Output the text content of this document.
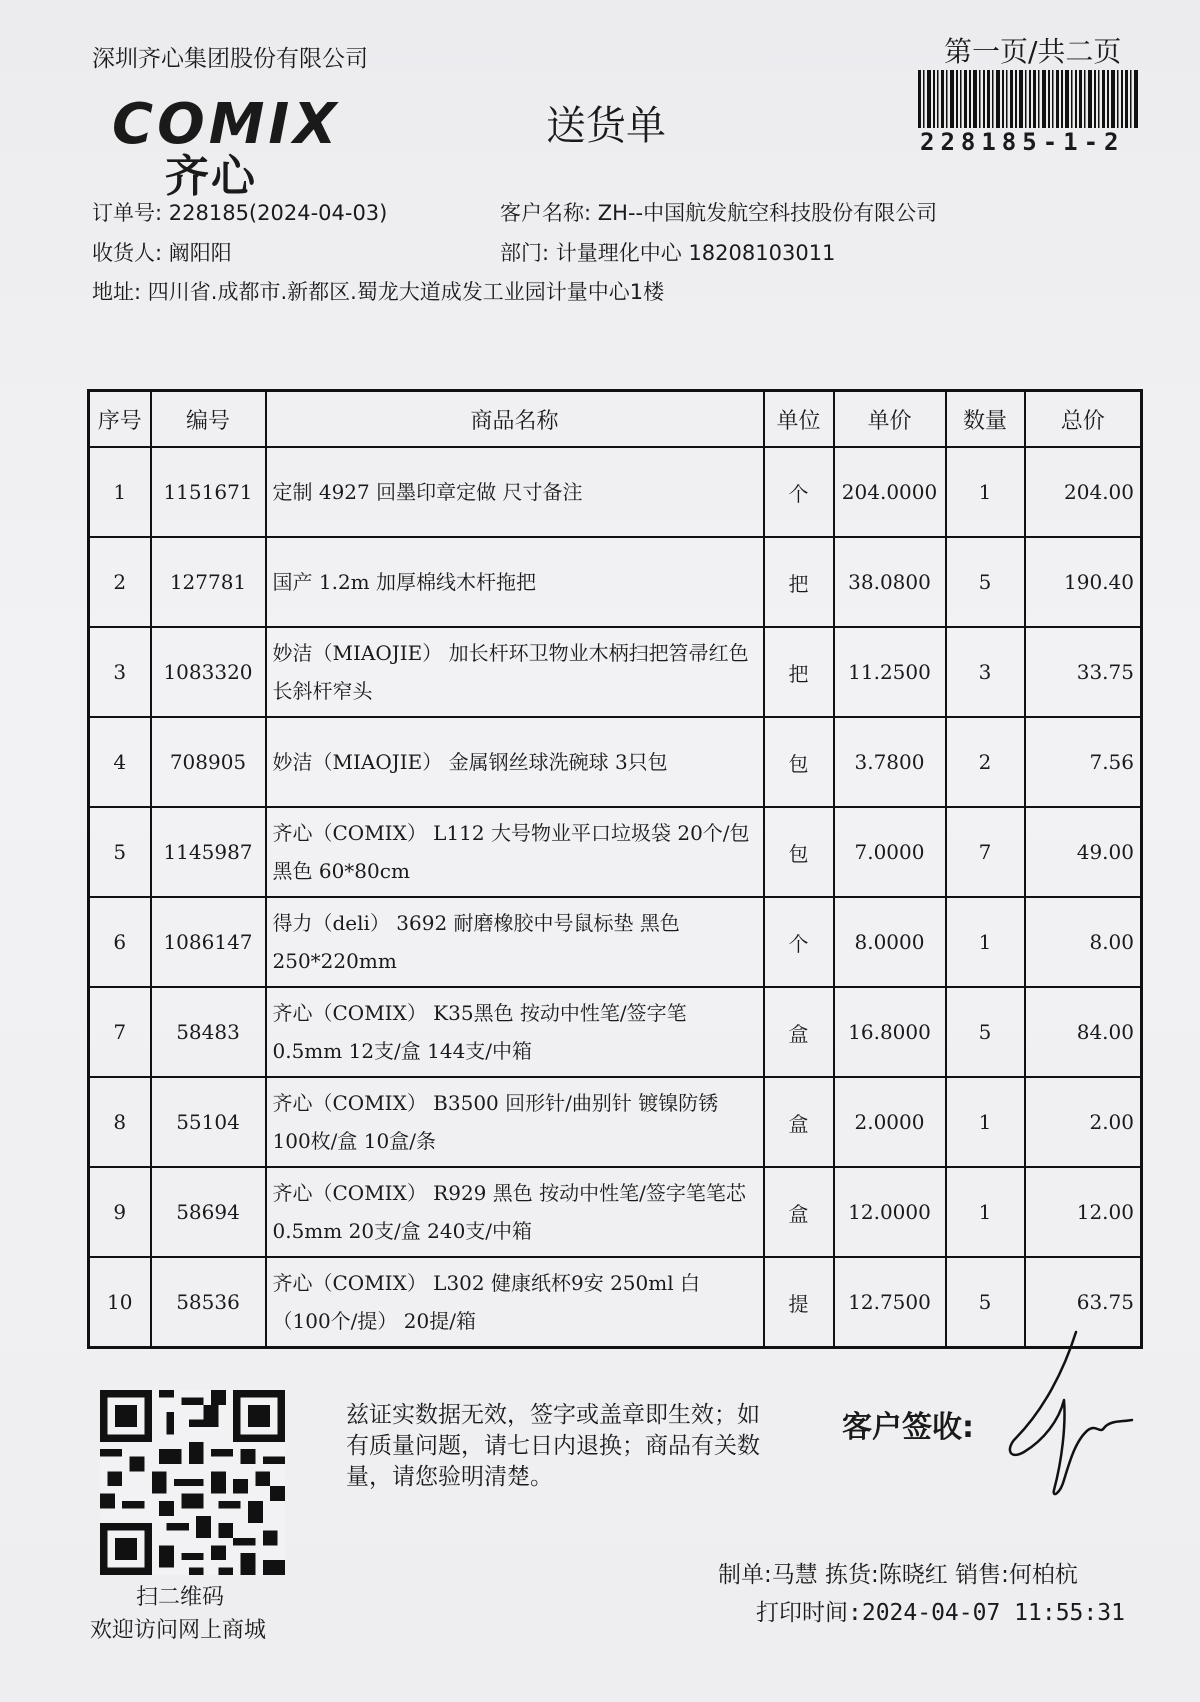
深圳齐心集团股份有限公司	第一页/共二页
228185-1-2
COMIX
齐心
送货单
订单号: 228185(2024-04-03)	客户名称: ZH--中国航发航空科技股份有限公司
收货人: 阚阳阳	部门: 计量理化中心 18208103011
地址: 四川省.成都市.新都区.蜀龙大道成发工业园计量中心1楼
序号	编号	商品名称	单位	单价	数量	总价
1	1151671	定制 4927 回墨印章定做 尺寸备注	个	204.0000	1	204.00
2	127781	国产 1.2m 加厚棉线木杆拖把	把	38.0800	5	190.40
3	1083320	妙洁（MIAOJIE） 加长杆环卫物业木柄扫把笤帚红色长斜杆窄头	把	11.2500	3	33.75
4	708905	妙洁（MIAOJIE） 金属钢丝球洗碗球 3只包	包	3.7800	2	7.56
5	1145987	齐心（COMIX） L112 大号物业平口垃圾袋 20个/包 黑色 60*80cm	包	7.0000	7	49.00
6	1086147	得力（deli） 3692 耐磨橡胶中号鼠标垫 黑色 250*220mm	个	8.0000	1	8.00
7	58483	齐心（COMIX） K35黑色 按动中性笔/签字笔 0.5mm 12支/盒 144支/中箱	盒	16.8000	5	84.00
8	55104	齐心（COMIX） B3500 回形针/曲别针 镀镍防锈 100枚/盒 10盒/条	盒	2.0000	1	2.00
9	58694	齐心（COMIX） R929 黑色 按动中性笔/签字笔笔芯0.5mm 20支/盒 240支/中箱	盒	12.0000	1	12.00
10	58536	齐心（COMIX） L302 健康纸杯9安 250ml 白（100个/提） 20提/箱	提	12.7500	5	63.75
扫二维码
欢迎访问网上商城
兹证实数据无效，签字或盖章即生效；如有质量问题，请七日内退换；商品有关数量，请您验明清楚。
客户签收:
制单:马慧 拣货:陈晓红 销售:何柏杭
打印时间:2024-04-07 11:55:31
